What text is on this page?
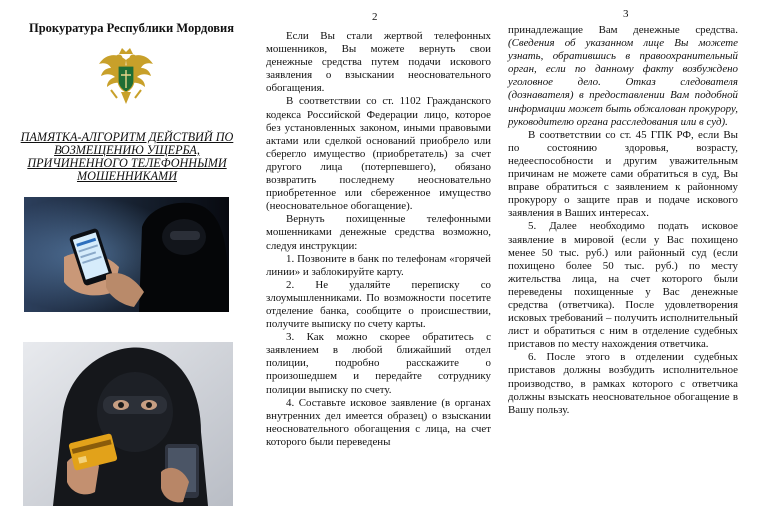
Прокуратура Республики Мордовия
ПАМЯТКА-АЛГОРИТМ ДЕЙСТВИЙ ПО ВОЗМЕЩЕНИЮ УЩЕРБА, ПРИЧИНЕННОГО ТЕЛЕФОННЫМИ МОШЕННИКАМИ
2

Если Вы стали жертвой телефонных мошенников, Вы можете вернуть свои денежные средства путем подачи искового заявления о взыскании неосновательного обогащения.

В соответствии со ст. 1102 Гражданского кодекса Российской Федерации лицо, которое без установленных законом, иными правовыми актами или сделкой оснований приобрело или сберегло имущество (приобретатель) за счет другого лица (потерпевшего), обязано возвратить последнему неосновательно приобретенное или сбереженное имущество (неосновательное обогащение).

Вернуть похищенные телефонными мошенниками денежные средства возможно, следуя инструкции:

1. Позвоните в банк по телефонам «горячей линии» и заблокируйте карту.

2. Не удаляйте переписку со злоумышленниками. По возможности посетите отделение банка, сообщите о происшествии, получите выписку по счету карты.

3. Как можно скорее обратитесь с заявлением в любой ближайший отдел полиции, подробно расскажите о произошедшем и передайте сотруднику полиции выписку по счету.

4. Составьте исковое заявление (в органах внутренних дел имеется образец) о взыскании неосновательного обогащения с лица, на счет которого были переведены

3

принадлежащие Вам денежные средства. (Сведения об указанном лице Вы можете узнать, обратившись в правоохранительный орган, если по данному факту возбуждено уголовное дело. Отказ следователя (дознавателя) в предоставлении Вам подобной информации может быть обжалован прокурору, руководителю органа расследования или в суд).

В соответствии со ст. 45 ГПК РФ, если Вы по состоянию здоровья, возрасту, недееспособности и другим уважительным причинам не можете сами обратиться в суд, Вы вправе обратиться с заявлением к районному прокурору о защите прав и подаче искового заявления в Ваших интересах.

5. Далее необходимо подать исковое заявление в мировой (если у Вас похищено менее 50 тыс. руб.) или районный суд (если похищено более 50 тыс. руб.) по месту жительства лица, на счет которого были переведены похищенные у Вас денежные средства (ответчика). После удовлетворения исковых требований – получить исполнительный лист и обратиться с ним в отделение судебных приставов по месту нахождения ответчика.

6. После этого в отделении судебных приставов должны возбудить исполнительное производство, в рамках которого с ответчика должны взыскать неосновательное обогащение в Вашу пользу.
